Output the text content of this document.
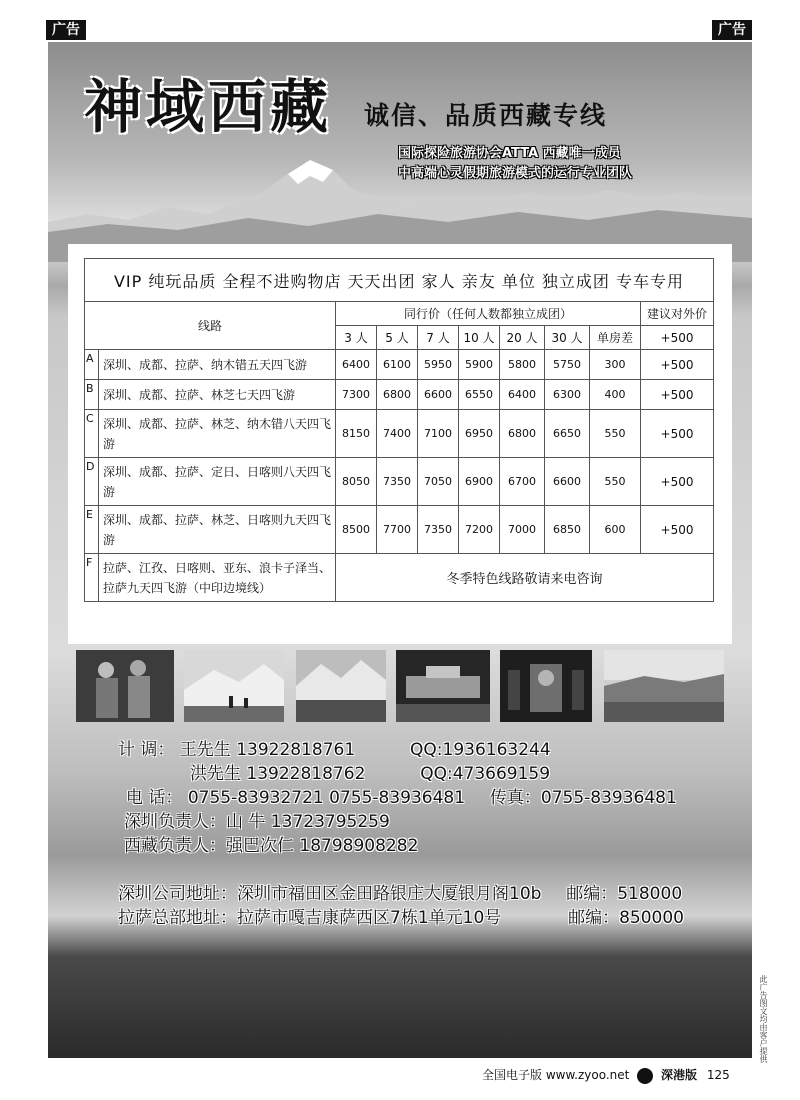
广告	广告
神域西藏 诚信、品质西藏专线
国际探险旅游协会ATTA 西藏唯一成员
中高端心灵假期旅游模式的运行专业团队
VIP 纯玩品质 全程不进购物店 天天出团 家人 亲友 单位 独立成团 专车专用									
线路		同行价（任何人数都独立成团）							建议对外价
		3 人	5 人	7 人	10 人	20 人	30 人	单房差	+500
A	深圳、成都、拉萨、纳木错五天四飞游	6400	6100	5950	5900	5800	5750	300	+500
B	深圳、成都、拉萨、林芝七天四飞游	7300	6800	6600	6550	6400	6300	400	+500
C	深圳、成都、拉萨、林芝、纳木错八天四飞游	8150	7400	7100	6950	6800	6650	550	+500
D	深圳、成都、拉萨、定日、日喀则八天四飞游	8050	7350	7050	6900	6700	6600	550	+500
E	深圳、成都、拉萨、林芝、日喀则九天四飞游	8500	7700	7350	7200	7000	6850	600	+500
F	拉萨、江孜、日喀则、亚东、浪卡子泽当、拉萨九天四飞游（中印边境线）	冬季特色线路敬请来电咨询							
计 调： 王先生 13922818761	QQ:1936163244
洪先生 13922818762	QQ:473669159
电 话： 0755-83932721 0755-83936481 传真：0755-83936481
深圳负责人：山 牛 13723795259
西藏负责人：强巴次仁 18798908282
深圳公司地址：深圳市福田区金田路银庄大厦银月阁10b 邮编：518000
拉萨总部地址：拉萨市嘎吉康萨西区7栋1单元10号	邮编：850000
此广告图文均由客户提供
全国电子版 www.zyoo.net	深港版 125
